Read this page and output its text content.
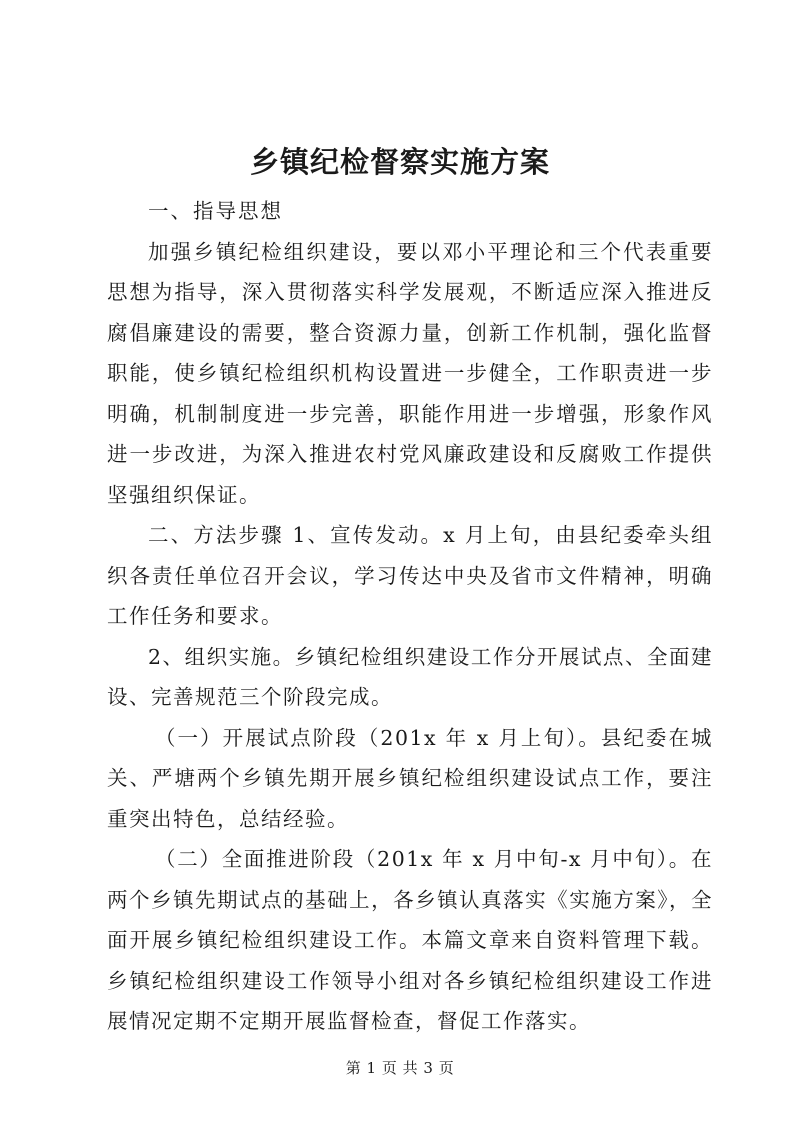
乡镇纪检督察实施方案

一、指导思想

加强乡镇纪检组织建设，要以邓小平理论和三个代表重要思想为指导，深入贯彻落实科学发展观，不断适应深入推进反腐倡廉建设的需要，整合资源力量，创新工作机制，强化监督职能，使乡镇纪检组织机构设置进一步健全，工作职责进一步明确，机制制度进一步完善，职能作用进一步增强，形象作风进一步改进，为深入推进农村党风廉政建设和反腐败工作提供坚强组织保证。

二、方法步骤 1、宣传发动。x 月上旬，由县纪委牵头组织各责任单位召开会议，学习传达中央及省市文件精神，明确工作任务和要求。

2、组织实施。乡镇纪检组织建设工作分开展试点、全面建设、完善规范三个阶段完成。

（一）开展试点阶段（201x 年 x 月上旬）。县纪委在城关、严塘两个乡镇先期开展乡镇纪检组织建设试点工作，要注重突出特色，总结经验。

（二）全面推进阶段（201x 年 x 月中旬-x 月中旬）。在两个乡镇先期试点的基础上，各乡镇认真落实《实施方案》，全面开展乡镇纪检组织建设工作。本篇文章来自资料管理下载。乡镇纪检组织建设工作领导小组对各乡镇纪检组织建设工作进展情况定期不定期开展监督检查，督促工作落实。

第 1 页 共 3 页
